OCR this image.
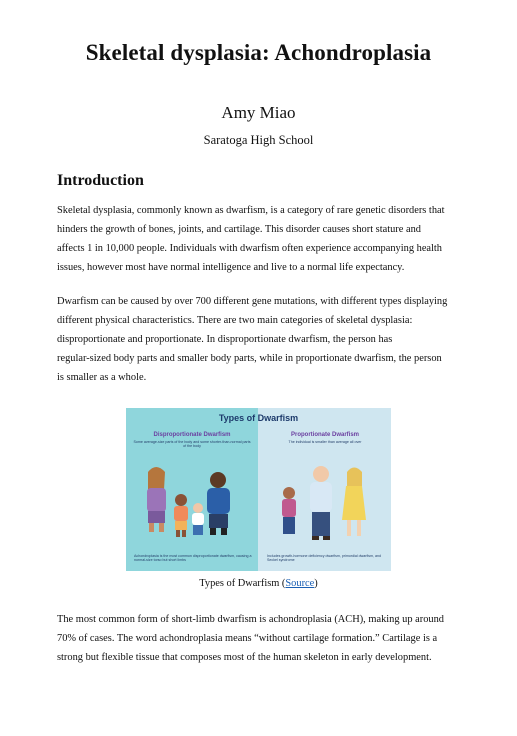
Skeletal dysplasia: Achondroplasia
Amy Miao
Saratoga High School
Introduction
Skeletal dysplasia, commonly known as dwarfism, is a category of rare genetic disorders that
hinders the growth of bones, joints, and cartilage. This disorder causes short stature and
affects 1 in 10,000 people. Individuals with dwarfism often experience accompanying health
issues, however most have normal intelligence and live to a normal life expectancy.
Dwarfism can be caused by over 700 different gene mutations, with different types displaying
different physical characteristics. There are two main categories of skeletal dysplasia:
disproportionate and proportionate. In disproportionate dwarfism, the person has
regular-sized body parts and smaller body parts, while in proportionate dwarfism, the person
is smaller as a whole.
Types of Dwarfism
Disproportionate Dwarfism
Some average-size parts of the body and some shorter-than-normal parts of the body
Proportionate Dwarfism
The individual is smaller than average all over
Achondroplasia is the most common disproportionate dwarfism, causing a normal-size torso but short limbs
Includes growth-hormone deficiency dwarfism, primordial dwarfism, and Seckel syndrome
Types of Dwarfism (Source)
The most common form of short-limb dwarfism is achondroplasia (ACH), making up around
70% of cases. The word achondroplasia means “without cartilage formation.” Cartilage is a
strong but flexible tissue that composes most of the human skeleton in early development.
